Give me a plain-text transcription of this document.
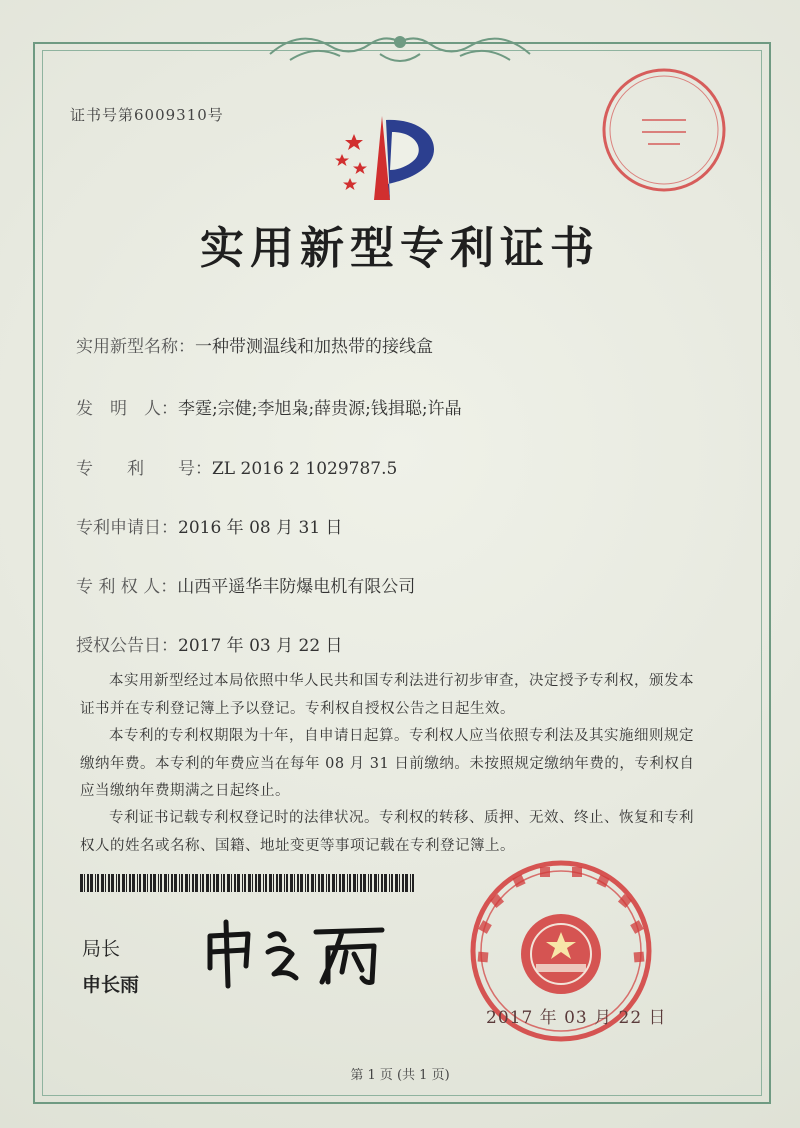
证书号第6009310号
实用新型专利证书
实用新型名称：一种带测温线和加热带的接线盒
发　明　人：李霆;宗健;李旭枭;薛贵源;钱揖聪;许晶
专　　利　　号：ZL 2016 2 1029787.5
专利申请日：2016 年 08 月 31 日
专 利 权 人：山西平遥华丰防爆电机有限公司
授权公告日：2017 年 03 月 22 日
本实用新型经过本局依照中华人民共和国专利法进行初步审查，决定授予专利权，颁发本证书并在专利登记簿上予以登记。专利权自授权公告之日起生效。
本专利的专利权期限为十年，自申请日起算。专利权人应当依照专利法及其实施细则规定缴纳年费。本专利的年费应当在每年 08 月 31 日前缴纳。未按照规定缴纳年费的，专利权自应当缴纳年费期满之日起终止。
专利证书记载专利权登记时的法律状况。专利权的转移、质押、无效、终止、恢复和专利权人的姓名或名称、国籍、地址变更等事项记载在专利登记簿上。
局长
申长雨
2017 年 03 月 22 日
第 1 页 (共 1 页)
